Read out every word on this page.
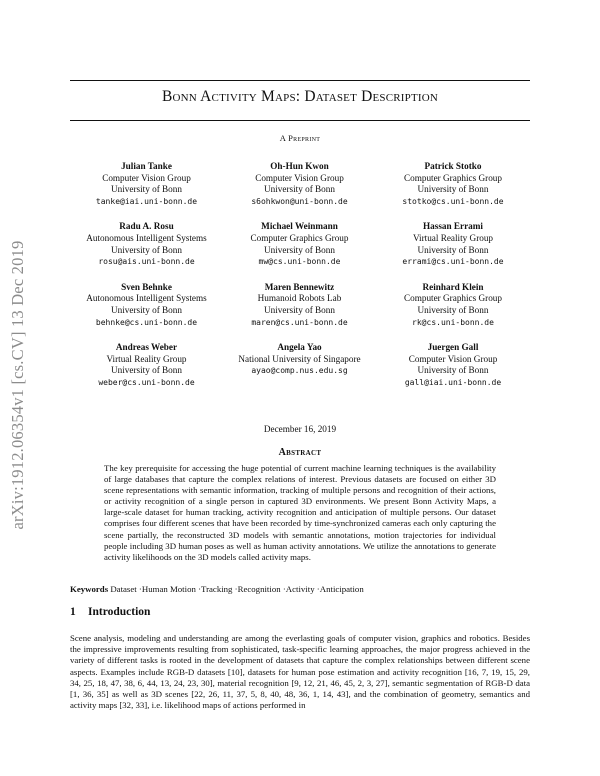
arXiv:1912.06354v1 [cs.CV] 13 Dec 2019
Bonn Activity Maps: Dataset Description
A Preprint
Julian Tanke
Computer Vision Group
University of Bonn
tanke@iai.uni-bonn.de
Oh-Hun Kwon
Computer Vision Group
University of Bonn
s6ohkwon@uni-bonn.de
Patrick Stotko
Computer Graphics Group
University of Bonn
stotko@cs.uni-bonn.de
Radu A. Rosu
Autonomous Intelligent Systems
University of Bonn
rosu@ais.uni-bonn.de
Michael Weinmann
Computer Graphics Group
University of Bonn
mw@cs.uni-bonn.de
Hassan Errami
Virtual Reality Group
University of Bonn
errami@cs.uni-bonn.de
Sven Behnke
Autonomous Intelligent Systems
University of Bonn
behnke@cs.uni-bonn.de
Maren Bennewitz
Humanoid Robots Lab
University of Bonn
maren@cs.uni-bonn.de
Reinhard Klein
Computer Graphics Group
University of Bonn
rk@cs.uni-bonn.de
Andreas Weber
Virtual Reality Group
University of Bonn
weber@cs.uni-bonn.de
Angela Yao
National University of Singapore
ayao@comp.nus.edu.sg
Juergen Gall
Computer Vision Group
University of Bonn
gall@iai.uni-bonn.de
December 16, 2019
Abstract
The key prerequisite for accessing the huge potential of current machine learning techniques is the availability of large databases that capture the complex relations of interest. Previous datasets are focused on either 3D scene representations with semantic information, tracking of multiple persons and recognition of their actions, or activity recognition of a single person in captured 3D environments. We present Bonn Activity Maps, a large-scale dataset for human tracking, activity recognition and anticipation of multiple persons. Our dataset comprises four different scenes that have been recorded by time-synchronized cameras each only capturing the scene partially, the reconstructed 3D models with semantic annotations, motion trajectories for individual people including 3D human poses as well as human activity annotations. We utilize the annotations to generate activity likelihoods on the 3D models called activity maps.
Keywords Dataset · Human Motion · Tracking · Recognition · Activity · Anticipation
1 Introduction
Scene analysis, modeling and understanding are among the everlasting goals of computer vision, graphics and robotics. Besides the impressive improvements resulting from sophisticated, task-specific learning approaches, the major progress achieved in the variety of different tasks is rooted in the development of datasets that capture the complex relationships between different scene aspects. Examples include RGB-D datasets [10], datasets for human pose estimation and activity recognition [16, 7, 19, 15, 29, 34, 25, 18, 47, 38, 6, 44, 13, 24, 23, 30], material recognition [9, 12, 21, 46, 45, 2, 3, 27], semantic segmentation of RGB-D data [1, 36, 35] as well as 3D scenes [22, 26, 11, 37, 5, 8, 40, 48, 36, 1, 14, 43], and the combination of geometry, semantics and activity maps [32, 33], i.e. likelihood maps of actions performed in
